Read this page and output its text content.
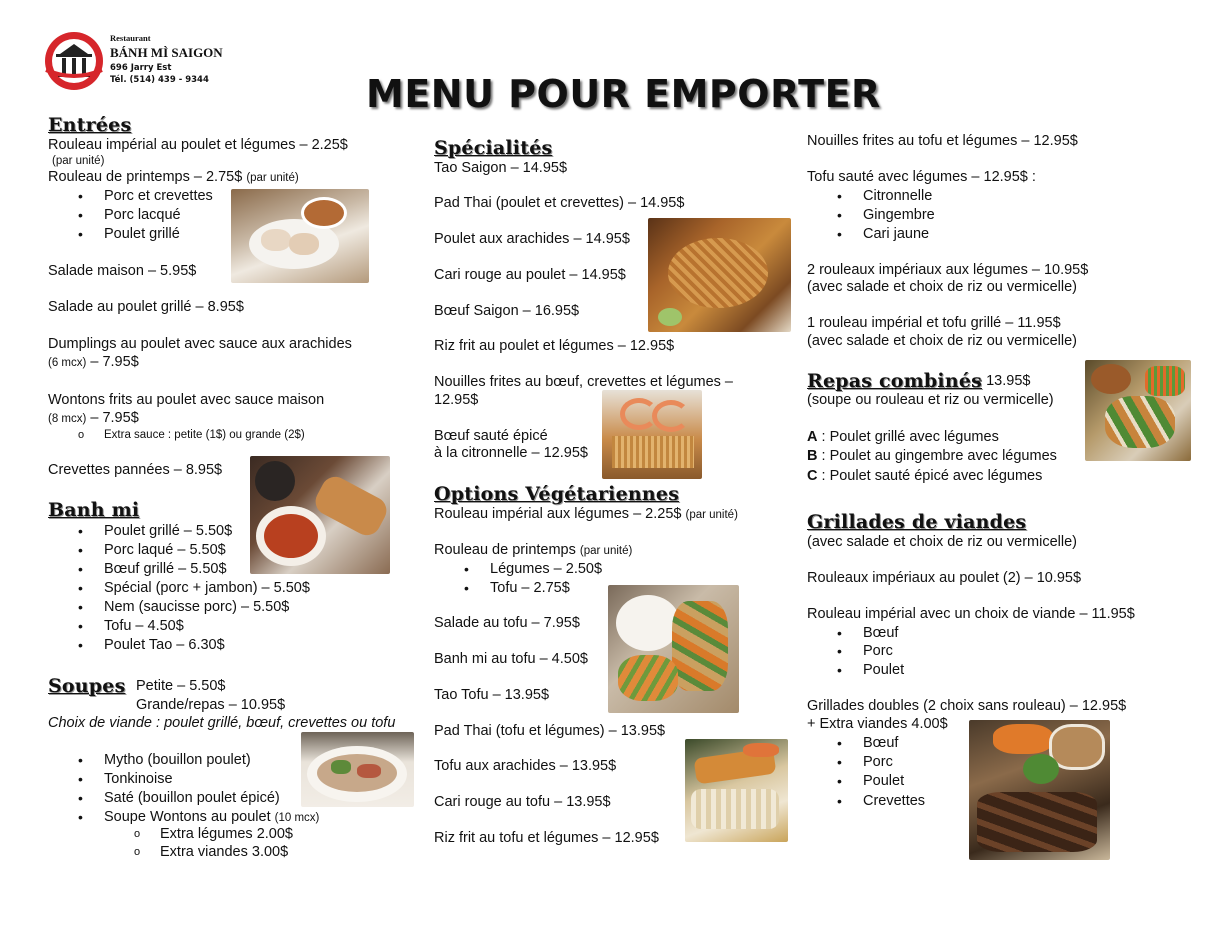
Restaurant
BÁNH MÌ SAIGON
696 Jarry Est
Tél. (514) 439 - 9344	MENU POUR EMPORTER
Entrées
Rouleau impérial au poulet et légumes – 2.25$
(par unité)
Rouleau de printemps – 2.75$ (par unité)
• Porc et crevettes
• Porc lacqué
• Poulet grillé
Salade maison – 5.95$
Salade au poulet grillé – 8.95$
Dumplings au poulet avec sauce aux arachides
(6 mcx) – 7.95$
Wontons frits au poulet avec sauce maison
(8 mcx) – 7.95$
o Extra sauce : petite (1$) ou grande (2$)
Crevettes pannées – 8.95$
Banh mi
• Poulet grillé – 5.50$
• Porc laqué – 5.50$
• Bœuf grillé – 5.50$
• Spécial (porc + jambon) – 5.50$
• Nem (saucisse porc) – 5.50$
• Tofu – 4.50$
• Poulet Tao – 6.30$
Soupes Petite – 5.50$
Grande/repas – 10.95$
Choix de viande : poulet grillé, bœuf, crevettes ou tofu
• Mytho (bouillon poulet)
• Tonkinoise
• Saté (bouillon poulet épicé)
• Soupe Wontons au poulet (10 mcx)
o Extra légumes 2.00$
o Extra viandes 3.00$
Spécialités
Tao Saigon – 14.95$
Pad Thai (poulet et crevettes) – 14.95$
Poulet aux arachides – 14.95$
Cari rouge au poulet – 14.95$
Bœuf Saigon – 16.95$
Riz frit au poulet et légumes – 12.95$
Nouilles frites au bœuf, crevettes et légumes –
12.95$
Bœuf sauté épicé
à la citronnelle – 12.95$
Options Végétariennes
Rouleau impérial aux légumes – 2.25$ (par unité)
Rouleau de printemps (par unité)
• Légumes – 2.50$
• Tofu – 2.75$
Salade au tofu – 7.95$
Banh mi au tofu – 4.50$
Tao Tofu – 13.95$
Pad Thai (tofu et légumes) – 13.95$
Tofu aux arachides – 13.95$
Cari rouge au tofu – 13.95$
Riz frit au tofu et légumes – 12.95$
Nouilles frites au tofu et légumes – 12.95$
Tofu sauté avec légumes – 12.95$ :
• Citronnelle
• Gingembre
• Cari jaune
2 rouleaux impériaux aux légumes – 10.95$
(avec salade et choix de riz ou vermicelle)
1 rouleau impérial et tofu grillé – 11.95$
(avec salade et choix de riz ou vermicelle)
Repas combinés
– 13.95$
(soupe ou rouleau et riz ou vermicelle)
A : Poulet grillé avec légumes
B : Poulet au gingembre avec légumes
C : Poulet sauté épicé avec légumes
Grillades de viandes
(avec salade et choix de riz ou vermicelle)
Rouleaux impériaux au poulet (2) – 10.95$
Rouleau impérial avec un choix de viande – 11.95$
• Bœuf
• Porc
• Poulet
Grillades doubles (2 choix sans rouleau) – 12.95$
+ Extra viandes 4.00$
• Bœuf
• Porc
• Poulet
• Crevettes
